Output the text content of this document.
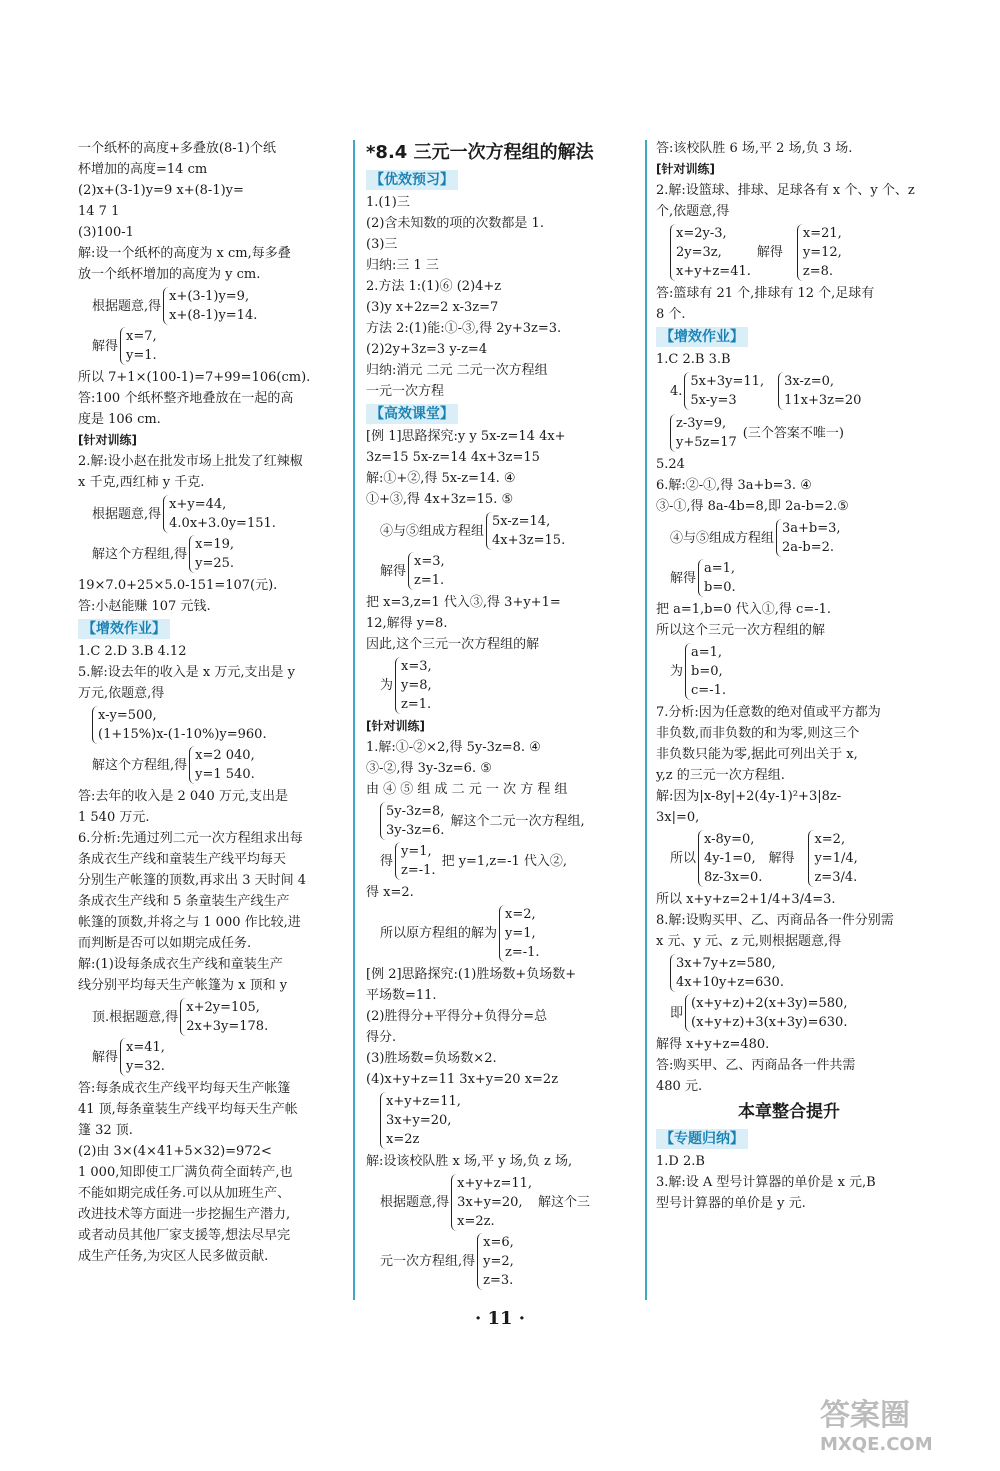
一个纸杯的高度+多叠放(8-1)个纸
杯增加的高度=14 cm
(2)x+(3-1)y=9 x+(8-1)y=
14 7 1
(3)100-1
解:设一个纸杯的高度为 x cm,每多叠
放一个纸杯增加的高度为 y cm.
根据题意,得
x+(3-1)y=9,
x+(8-1)y=14.
解得
x=7,
y=1.
所以 7+1×(100-1)=7+99=106(cm).
答:100 个纸杯整齐地叠放在一起的高
度是 106 cm.
[针对训练]
2.解:设小赵在批发市场上批发了红辣椒
x 千克,西红柿 y 千克.
根据题意,得
x+y=44,
4.0x+3.0y=151.
解这个方程组,得
x=19,
y=25.
19×7.0+25×5.0-151=107(元).
答:小赵能赚 107 元钱.
【增效作业】
1.C 2.D 3.B 4.12
5.解:设去年的收入是 x 万元,支出是 y
万元,依题意,得
x-y=500,
(1+15%)x-(1-10%)y=960.
解这个方程组,得
x=2 040,
y=1 540.
答:去年的收入是 2 040 万元,支出是
1 540 万元.
6.分析:先通过列二元一次方程组求出每
条成衣生产线和童装生产线平均每天
分别生产帐篷的顶数,再求出 3 天时间 4
条成衣生产线和 5 条童装生产线生产
帐篷的顶数,并将之与 1 000 作比较,进
而判断是否可以如期完成任务.
解:(1)设每条成衣生产线和童装生产
线分别平均每天生产帐篷为 x 顶和 y
顶.根据题意,得
x+2y=105,
2x+3y=178.
解得
x=41,
y=32.
答:每条成衣生产线平均每天生产帐篷
41 顶,每条童装生产线平均每天生产帐
篷 32 顶.
(2)由 3×(4×41+5×32)=972<
1 000,知即使工厂满负荷全面转产,也
不能如期完成任务.可以从加班生产、
改进技术等方面进一步挖掘生产潜力,
或者动员其他厂家支援等,想法尽早完
成生产任务,为灾区人民多做贡献.
*8.4 三元一次方程组的解法
【优效预习】
1.(1)三
(2)含未知数的项的次数都是 1.
(3)三
归纳:三 1 三
2.方法 1:(1)⑥ (2)4+z
(3)y x+2z=2 x-3z=7
方法 2:(1)能:①-③,得 2y+3z=3.
(2)2y+3z=3 y-z=4
归纳:消元 二元 二元一次方程组
一元一次方程
【高效课堂】
[例 1]思路探究:y y 5x-z=14 4x+
3z=15 5x-z=14 4x+3z=15
解:①+②,得 5x-z=14. ④
①+③,得 4x+3z=15. ⑤
④与⑤组成方程组
5x-z=14,
4x+3z=15.
解得
x=3,
z=1.
把 x=3,z=1 代入③,得 3+y+1=
12,解得 y=8.
因此,这个三元一次方程组的解
为
x=3,
y=8,
z=1.
[针对训练]
1.解:①-②×2,得 5y-3z=8. ④
③-②,得 3y-3z=6. ⑤
由 ④ ⑤ 组 成 二 元 一 次 方 程 组
5y-3z=8,
3y-3z=6.
解这个二元一次方程组,
得
y=1,
z=-1.
把 y=1,z=-1 代入②,
得 x=2.
所以原方程组的解为
x=2,
y=1,
z=-1.
[例 2]思路探究:(1)胜场数+负场数+
平场数=11.
(2)胜得分+平得分+负得分=总
得分.
(3)胜场数=负场数×2.
(4)x+y+z=11 3x+y=20 x=2z
x+y+z=11,
3x+y=20,
x=2z
解:设该校队胜 x 场,平 y 场,负 z 场,
根据题意,得
x+y+z=11,
3x+y=20,
x=2z.
解这个三
元一次方程组,得
x=6,
y=2,
z=3.
答:该校队胜 6 场,平 2 场,负 3 场.
[针对训练]
2.解:设篮球、排球、足球各有 x 个、y 个、z
个,依题意,得
x=2y-3,
2y=3z,
x+y+z=41.
解得
x=21,
y=12,
z=8.
答:篮球有 21 个,排球有 12 个,足球有
8 个.
【增效作业】
1.C 2.B 3.B
4.
5x+3y=11,
5x-y=3
3x-z=0,
11x+3z=20
z-3y=9,
y+5z=17
(三个答案不唯一)
5.24
6.解:②-①,得 3a+b=3. ④
③-①,得 8a-4b=8,即 2a-b=2.⑤
④与⑤组成方程组
3a+b=3,
2a-b=2.
解得
a=1,
b=0.
把 a=1,b=0 代入①,得 c=-1.
所以这个三元一次方程组的解
为
a=1,
b=0,
c=-1.
7.分析:因为任意数的绝对值或平方都为
非负数,而非负数的和为零,则这三个
非负数只能为零,据此可列出关于 x,
y,z 的三元一次方程组.
解:因为|x-8y|+2(4y-1)²+3|8z-
3x|=0,
所以
x-8y=0,
4y-1=0,
8z-3x=0.
解得
x=2,
y=1/4,
z=3/4.
所以 x+y+z=2+1/4+3/4=3.
8.解:设购买甲、乙、丙商品各一件分别需
x 元、y 元、z 元,则根据题意,得
3x+7y+z=580,
4x+10y+z=630.
即
(x+y+z)+2(x+3y)=580,
(x+y+z)+3(x+3y)=630.
解得 x+y+z=480.
答:购买甲、乙、丙商品各一件共需
480 元.
本章整合提升
【专题归纳】
1.D 2.B
3.解:设 A 型号计算器的单价是 x 元,B
型号计算器的单价是 y 元.
· 11 ·
答案圈
MXQE.COM
